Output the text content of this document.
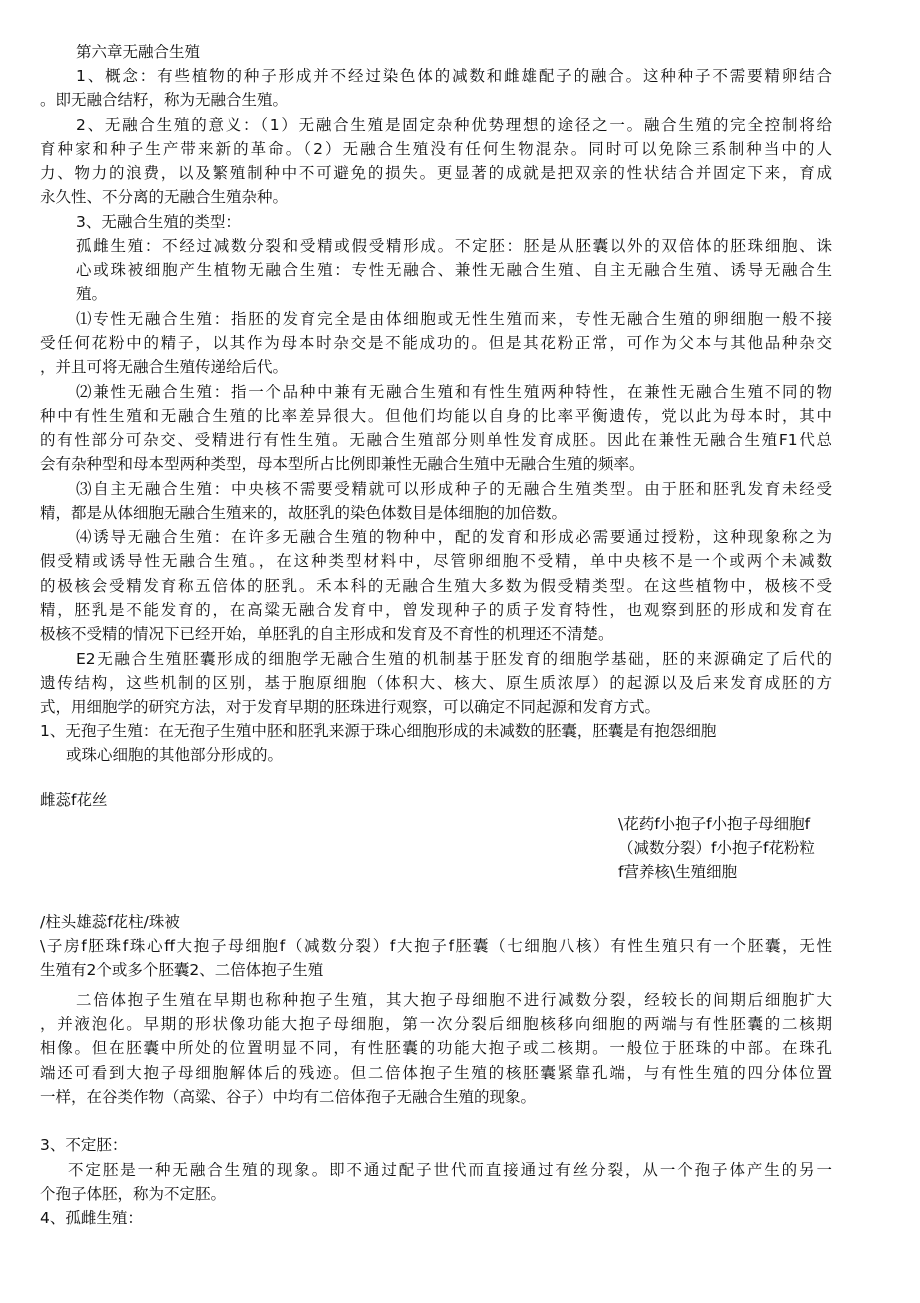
第六章无融合生殖
1、概念：有些植物的种子形成并不经过染色体的减数和雌雄配子的融合。这种种子不需要精卵结合
。即无融合结籽，称为无融合生殖。
2、无融合生殖的意义：（1）无融合生殖是固定杂种优势理想的途径之一。融合生殖的完全控制将给
育种家和种子生产带来新的革命。（2）无融合生殖没有任何生物混杂。同时可以免除三系制种当中的人
力、物力的浪费，以及繁殖制种中不可避免的损失。更显著的成就是把双亲的性状结合并固定下来，育成
永久性、不分离的无融合生殖杂种。
3、无融合生殖的类型：
孤雌生殖：不经过减数分裂和受精或假受精形成。不定胚：胚是从胚囊以外的双倍体的胚珠细胞、诛
心或珠被细胞产生植物无融合生殖：专性无融合、兼性无融合生殖、自主无融合生殖、诱导无融合生
殖。
⑴专性无融合生殖：指胚的发育完全是由体细胞或无性生殖而来，专性无融合生殖的卵细胞一般不接
受任何花粉中的精子，以其作为母本时杂交是不能成功的。但是其花粉正常，可作为父本与其他品种杂交
，并且可将无融合生殖传递给后代。
⑵兼性无融合生殖：指一个品种中兼有无融合生殖和有性生殖两种特性，在兼性无融合生殖不同的物
种中有性生殖和无融合生殖的比率差异很大。但他们均能以自身的比率平衡遗传，党以此为母本时，其中
的有性部分可杂交、受精进行有性生殖。无融合生殖部分则单性发育成胚。因此在兼性无融合生殖F1代总
会有杂种型和母本型两种类型，母本型所占比例即兼性无融合生殖中无融合生殖的频率。
⑶自主无融合生殖：中央核不需要受精就可以形成种子的无融合生殖类型。由于胚和胚乳发育未经受
精，都是从体细胞无融合生殖来的，故胚乳的染色体数目是体细胞的加倍数。
⑷诱导无融合生殖：在许多无融合生殖的物种中，配的发育和形成必需要通过授粉，这种现象称之为
假受精或诱导性无融合生殖。，在这种类型材料中，尽管卵细胞不受精，单中央核不是一个或两个未减数
的极核会受精发育称五倍体的胚乳。禾本科的无融合生殖大多数为假受精类型。在这些植物中，极核不受
精，胚乳是不能发育的，在高粱无融合发育中，曾发现种子的质子发育特性，也观察到胚的形成和发育在
极核不受精的情况下已经开始，单胚乳的自主形成和发育及不育性的机理还不清楚。
E2无融合生殖胚囊形成的细胞学无融合生殖的机制基于胚发育的细胞学基础，胚的来源确定了后代的
遗传结构，这些机制的区别，基于胞原细胞（体积大、核大、原生质浓厚）的起源以及后来发育成胚的方
式，用细胞学的研究方法，对于发育早期的胚珠进行观察，可以确定不同起源和发育方式。
1、无孢子生殖：在无孢子生殖中胚和胚乳来源于珠心细胞形成的未减数的胚囊，胚囊是有抱怨细胞
或珠心细胞的其他部分形成的。
雌蕊f花丝
\花药f小抱子f小抱子母细胞f
（减数分裂）f小抱子f花粉粒
f营养核\生殖细胞
/柱头雄蕊f花柱/珠被
\子房f胚珠f珠心ff大抱子母细胞f（减数分裂）f大抱子f胚囊（七细胞八核）有性生殖只有一个胚囊，无性
生殖有2个或多个胚囊2、二倍体抱子生殖
二倍体抱子生殖在早期也称种抱子生殖，其大抱子母细胞不进行减数分裂，经较长的间期后细胞扩大
，并液泡化。早期的形状像功能大抱子母细胞，第一次分裂后细胞核移向细胞的两端与有性胚囊的二核期
相像。但在胚囊中所处的位置明显不同，有性胚囊的功能大抱子或二核期。一般位于胚珠的中部。在珠孔
端还可看到大抱子母细胞解体后的残迹。但二倍体抱子生殖的核胚囊紧靠孔端，与有性生殖的四分体位置
一样，在谷类作物（高粱、谷子）中均有二倍体孢子无融合生殖的现象。
3、不定胚：
不定胚是一种无融合生殖的现象。即不通过配子世代而直接通过有丝分裂，从一个孢子体产生的另一
个孢子体胚，称为不定胚。
4、孤雌生殖：
